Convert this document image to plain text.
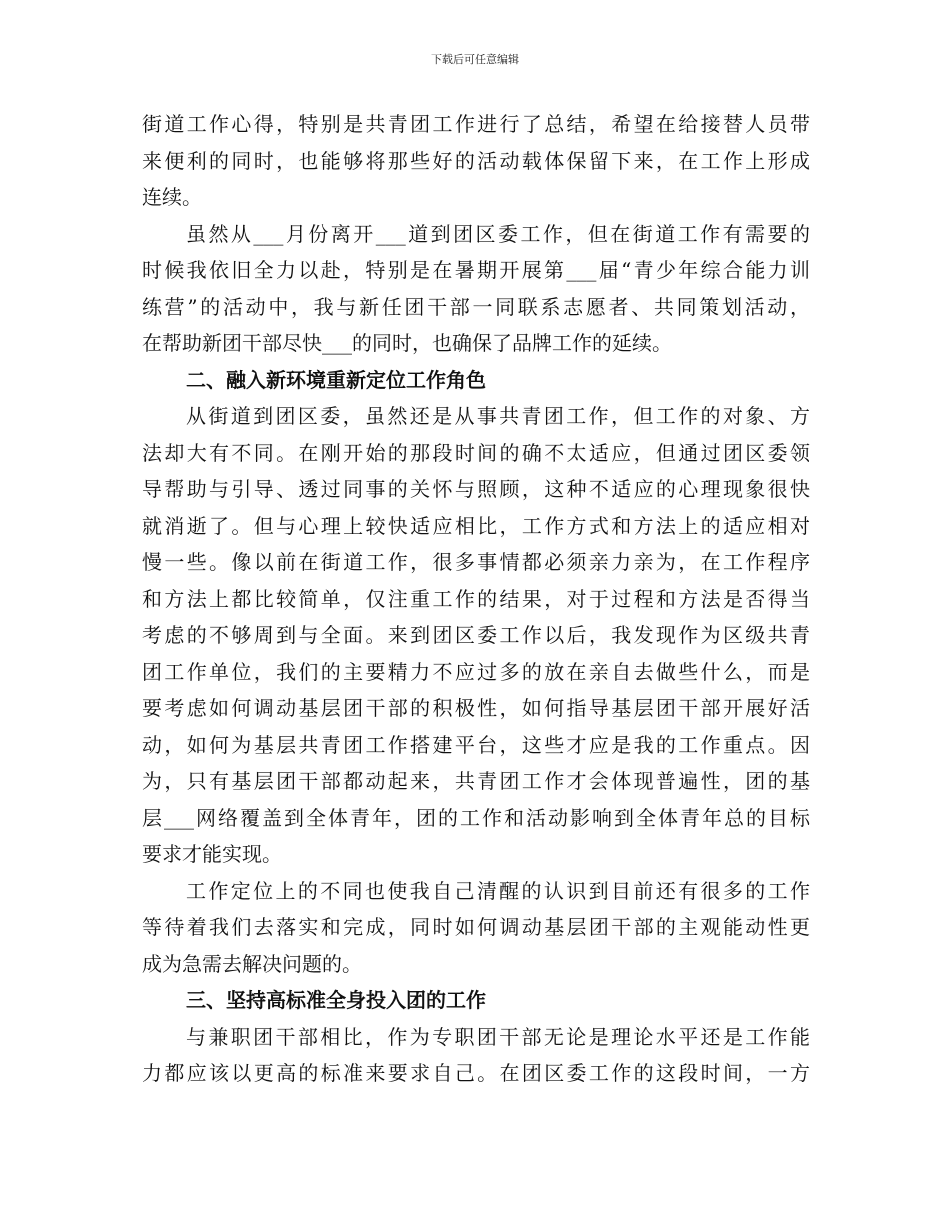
下载后可任意编辑
街道工作心得，特别是共青团工作进行了总结，希望在给接替人员带
来便利的同时，也能够将那些好的活动载体保留下来，在工作上形成
连续。
虽然从___月份离开___道到团区委工作，但在街道工作有需要的
时候我依旧全力以赴，特别是在暑期开展第___届“青少年综合能力训
练营”的活动中，我与新任团干部一同联系志愿者、共同策划活动，
在帮助新团干部尽快___的同时，也确保了品牌工作的延续。
二、融入新环境重新定位工作角色
从街道到团区委，虽然还是从事共青团工作，但工作的对象、方
法却大有不同。在刚开始的那段时间的确不太适应，但通过团区委领
导帮助与引导、透过同事的关怀与照顾，这种不适应的心理现象很快
就消逝了。但与心理上较快适应相比，工作方式和方法上的适应相对
慢一些。像以前在街道工作，很多事情都必须亲力亲为，在工作程序
和方法上都比较简单，仅注重工作的结果，对于过程和方法是否得当
考虑的不够周到与全面。来到团区委工作以后，我发现作为区级共青
团工作单位，我们的主要精力不应过多的放在亲自去做些什么，而是
要考虑如何调动基层团干部的积极性，如何指导基层团干部开展好活
动，如何为基层共青团工作搭建平台，这些才应是我的工作重点。因
为，只有基层团干部都动起来，共青团工作才会体现普遍性，团的基
层___网络覆盖到全体青年，团的工作和活动影响到全体青年总的目标
要求才能实现。
工作定位上的不同也使我自己清醒的认识到目前还有很多的工作
等待着我们去落实和完成，同时如何调动基层团干部的主观能动性更
成为急需去解决问题的。
三、坚持高标准全身投入团的工作
与兼职团干部相比，作为专职团干部无论是理论水平还是工作能
力都应该以更高的标准来要求自己。在团区委工作的这段时间，一方
